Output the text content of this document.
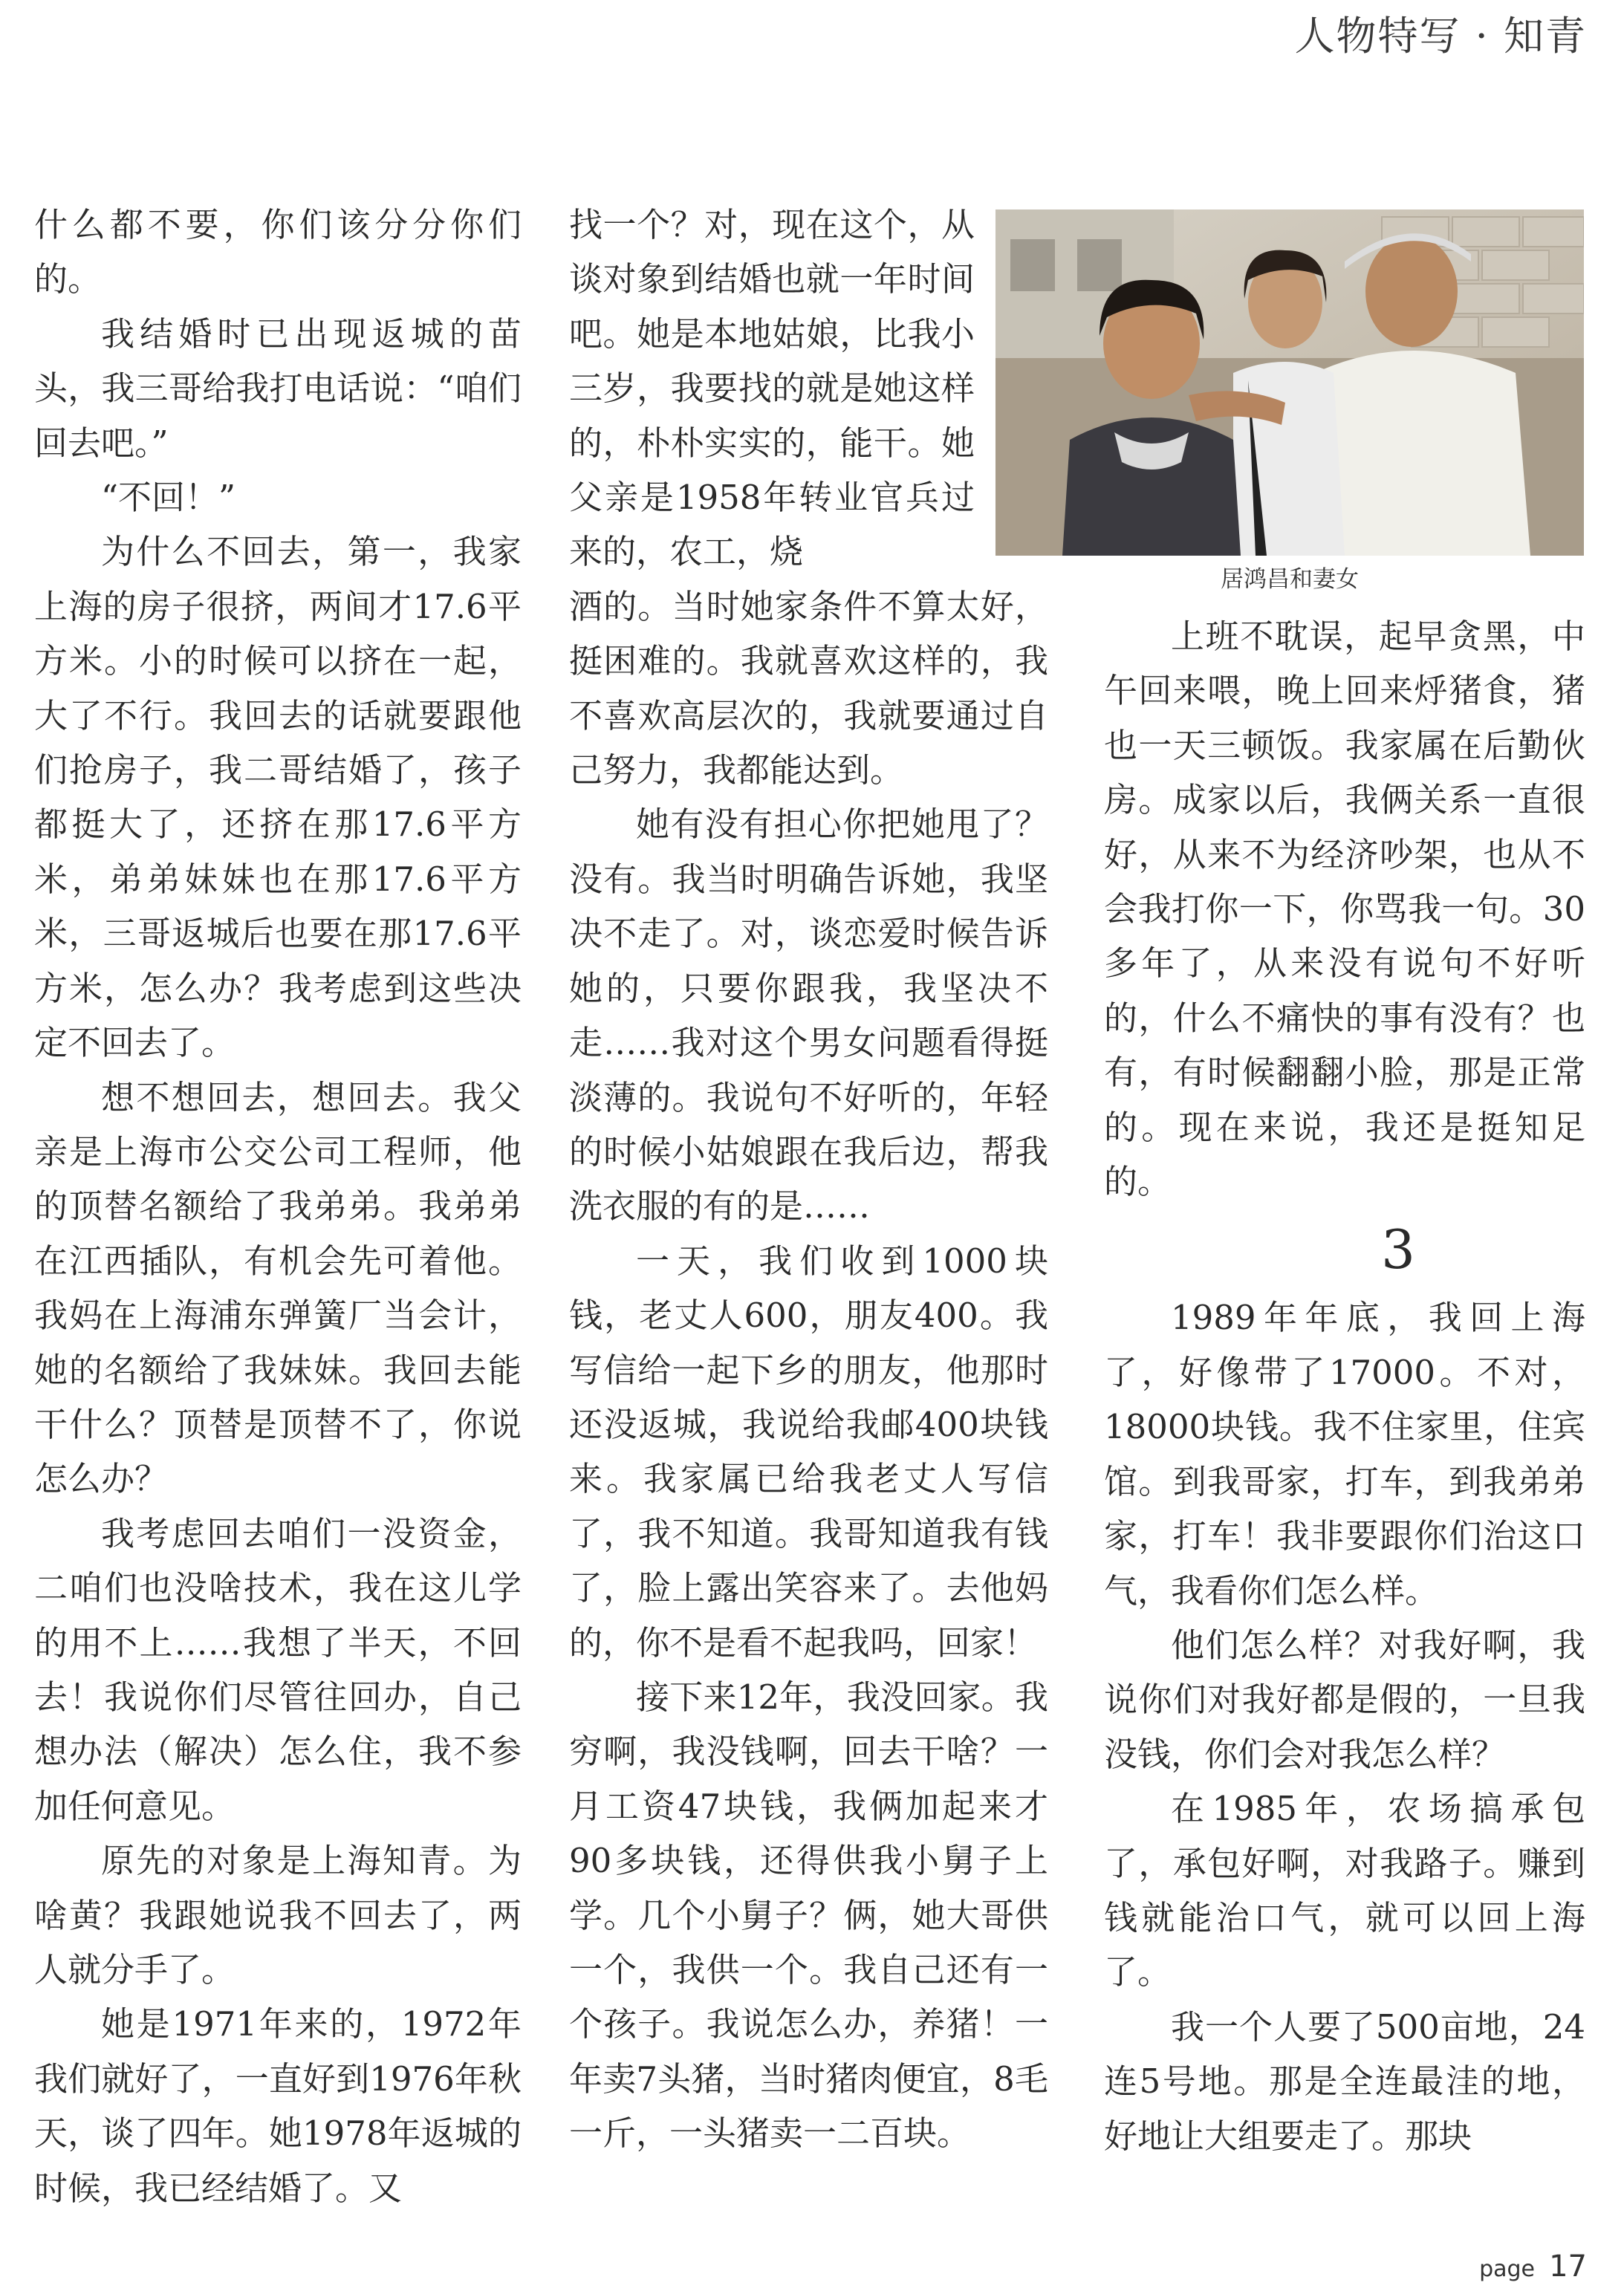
人物特写 · 知青

什么都不要，你们该分分你们的。

我结婚时已出现返城的苗头，我三哥给我打电话说：“咱们回去吧。”

“不回！”

为什么不回去，第一，我家上海的房子很挤，两间才17.6平方米。小的时候可以挤在一起，大了不行。我回去的话就要跟他们抢房子，我二哥结婚了，孩子都挺大了，还挤在那17.6平方米，弟弟妹妹也在那17.6平方米，三哥返城后也要在那17.6平方米，怎么办？我考虑到这些决定不回去了。

想不想回去，想回去。我父亲是上海市公交公司工程师，他的顶替名额给了我弟弟。我弟弟在江西插队，有机会先可着他。我妈在上海浦东弹簧厂当会计，她的名额给了我妹妹。我回去能干什么？顶替是顶替不了，你说怎么办？

我考虑回去咱们一没资金，二咱们也没啥技术，我在这儿学的用不上……我想了半天，不回去！我说你们尽管往回办，自己想办法（解决）怎么住，我不参加任何意见。

原先的对象是上海知青。为啥黄？我跟她说我不回去了，两人就分手了。

她是1971年来的，1972年我们就好了，一直好到1976年秋天，谈了四年。她1978年返城的时候，我已经结婚了。又

找一个？对，现在这个，从谈对象到结婚也就一年时间吧。她是本地姑娘，比我小三岁，我要找的就是她这样的，朴朴实实的，能干。她父亲是1958年转业官兵过来的，农工，烧

酒的。当时她家条件不算太好，挺困难的。我就喜欢这样的，我不喜欢高层次的，我就要通过自己努力，我都能达到。

她有没有担心你把她甩了？没有。我当时明确告诉她，我坚决不走了。对，谈恋爱时候告诉她的，只要你跟我，我坚决不走……我对这个男女问题看得挺淡薄的。我说句不好听的，年轻的时候小姑娘跟在我后边，帮我洗衣服的有的是……

一天，我们收到1000块钱，老丈人600，朋友400。我写信给一起下乡的朋友，他那时还没返城，我说给我邮400块钱来。我家属已给我老丈人写信了，我不知道。我哥知道我有钱了，脸上露出笑容来了。去他妈的，你不是看不起我吗，回家！

接下来12年，我没回家。我穷啊，我没钱啊，回去干啥？一月工资47块钱，我俩加起来才90多块钱，还得供我小舅子上学。几个小舅子？俩，她大哥供一个，我供一个。我自己还有一个孩子。我说怎么办，养猪！一年卖7头猪，当时猪肉便宜，8毛一斤，一头猪卖一二百块。

居鸿昌和妻女

上班不耽误，起早贪黑，中午回来喂，晚上回来烀猪食，猪也一天三顿饭。我家属在后勤伙房。成家以后，我俩关系一直很好，从来不为经济吵架，也从不会我打你一下，你骂我一句。30多年了，从来没有说句不好听的，什么不痛快的事有没有？也有，有时候翻翻小脸，那是正常的。现在来说，我还是挺知足的。

3

1989年年底，我回上海了，好像带了17000。不对，18000块钱。我不住家里，住宾馆。到我哥家，打车，到我弟弟家，打车！我非要跟你们治这口气，我看你们怎么样。

他们怎么样？对我好啊，我说你们对我好都是假的，一旦我没钱，你们会对我怎么样？

在1985年，农场搞承包了，承包好啊，对我路子。赚到钱就能治口气，就可以回上海了。

我一个人要了500亩地，24连5号地。那是全连最洼的地，好地让大组要走了。那块

page 17
